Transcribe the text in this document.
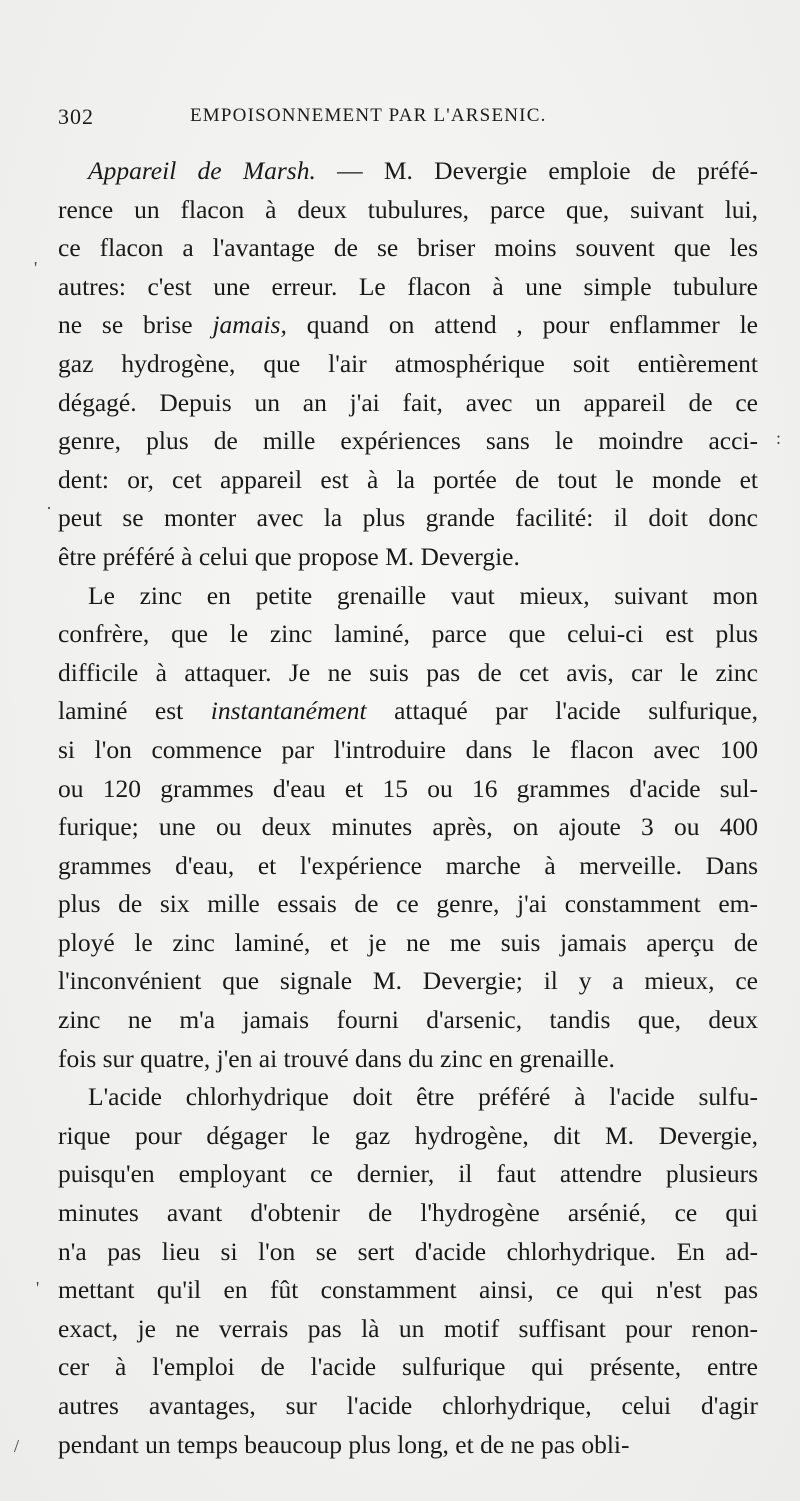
302	EMPOISONNEMENT PAR L'ARSENIC.
Appareil de Marsh. — M. Devergie emploie de préfé-
rence un flacon à deux tubulures, parce que, suivant lui,
ce flacon a l'avantage de se briser moins souvent que les
autres: c'est une erreur. Le flacon à une simple tubulure
ne se brise jamais, quand on attend , pour enflammer le
gaz hydrogène, que l'air atmosphérique soit entièrement
dégagé. Depuis un an j'ai fait, avec un appareil de ce
genre, plus de mille expériences sans le moindre acci-
dent: or, cet appareil est à la portée de tout le monde et
peut se monter avec la plus grande facilité: il doit donc
être préféré à celui que propose M. Devergie.
Le zinc en petite grenaille vaut mieux, suivant mon
confrère, que le zinc laminé, parce que celui-ci est plus
difficile à attaquer. Je ne suis pas de cet avis, car le zinc
laminé est instantanément attaqué par l'acide sulfurique,
si l'on commence par l'introduire dans le flacon avec 100
ou 120 grammes d'eau et 15 ou 16 grammes d'acide sul-
furique; une ou deux minutes après, on ajoute 3 ou 400
grammes d'eau, et l'expérience marche à merveille. Dans
plus de six mille essais de ce genre, j'ai constamment em-
ployé le zinc laminé, et je ne me suis jamais aperçu de
l'inconvénient que signale M. Devergie; il y a mieux, ce
zinc ne m'a jamais fourni d'arsenic, tandis que, deux
fois sur quatre, j'en ai trouvé dans du zinc en grenaille.
L'acide chlorhydrique doit être préféré à l'acide sulfu-
rique pour dégager le gaz hydrogène, dit M. Devergie,
puisqu'en employant ce dernier, il faut attendre plusieurs
minutes avant d'obtenir de l'hydrogène arsénié, ce qui
n'a pas lieu si l'on se sert d'acide chlorhydrique. En ad-
mettant qu'il en fût constamment ainsi, ce qui n'est pas
exact, je ne verrais pas là un motif suffisant pour renon-
cer à l'emploi de l'acide sulfurique qui présente, entre
autres avantages, sur l'acide chlorhydrique, celui d'agir
pendant un temps beaucoup plus long, et de ne pas obli-
'
:
·
'
/
